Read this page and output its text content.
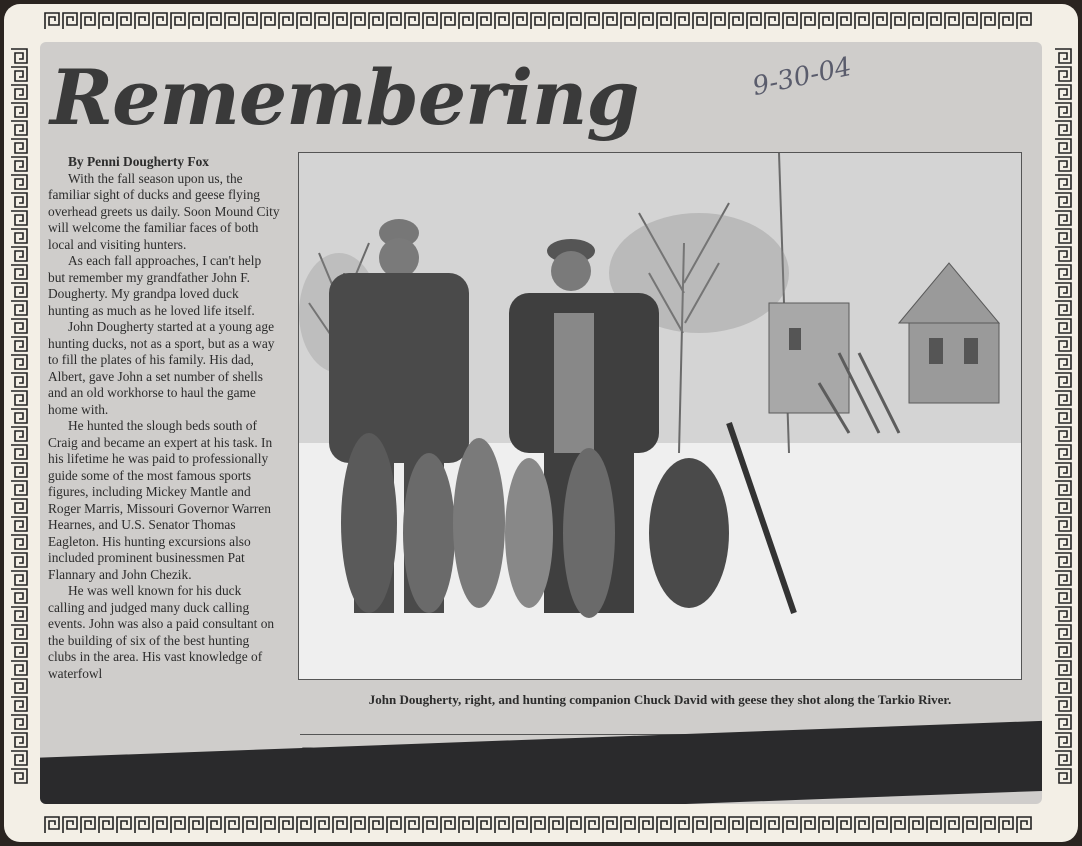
Remembering	9-30-04
By Penni Dougherty Fox

With the fall season upon us, the familiar sight of ducks and geese flying overhead greets us daily. Soon Mound City will welcome the familiar faces of both local and visiting hunters.

As each fall approaches, I can't help but remember my grandfather John F. Dougherty. My grandpa loved duck hunting as much as he loved life itself.

John Dougherty started at a young age hunting ducks, not as a sport, but as a way to fill the plates of his family. His dad, Albert, gave John a set number of shells and an old workhorse to haul the game home with.

He hunted the slough beds south of Craig and became an expert at his task. In his lifetime he was paid to professionally guide some of the most famous sports figures, including Mickey Mantle and Roger Marris, Missouri Governor Warren Hearnes, and U.S. Senator Thomas Eagleton. His hunting excursions also included prominent businessmen Pat Flannary and John Chezik.

He was well known for his duck calling and judged many duck calling events. John was also a paid consultant on the building of six of the best hunting clubs in the area. His vast knowledge of waterfowl

John Dougherty, right, and hunting companion Chuck David with geese they shot along the Tarkio River.
